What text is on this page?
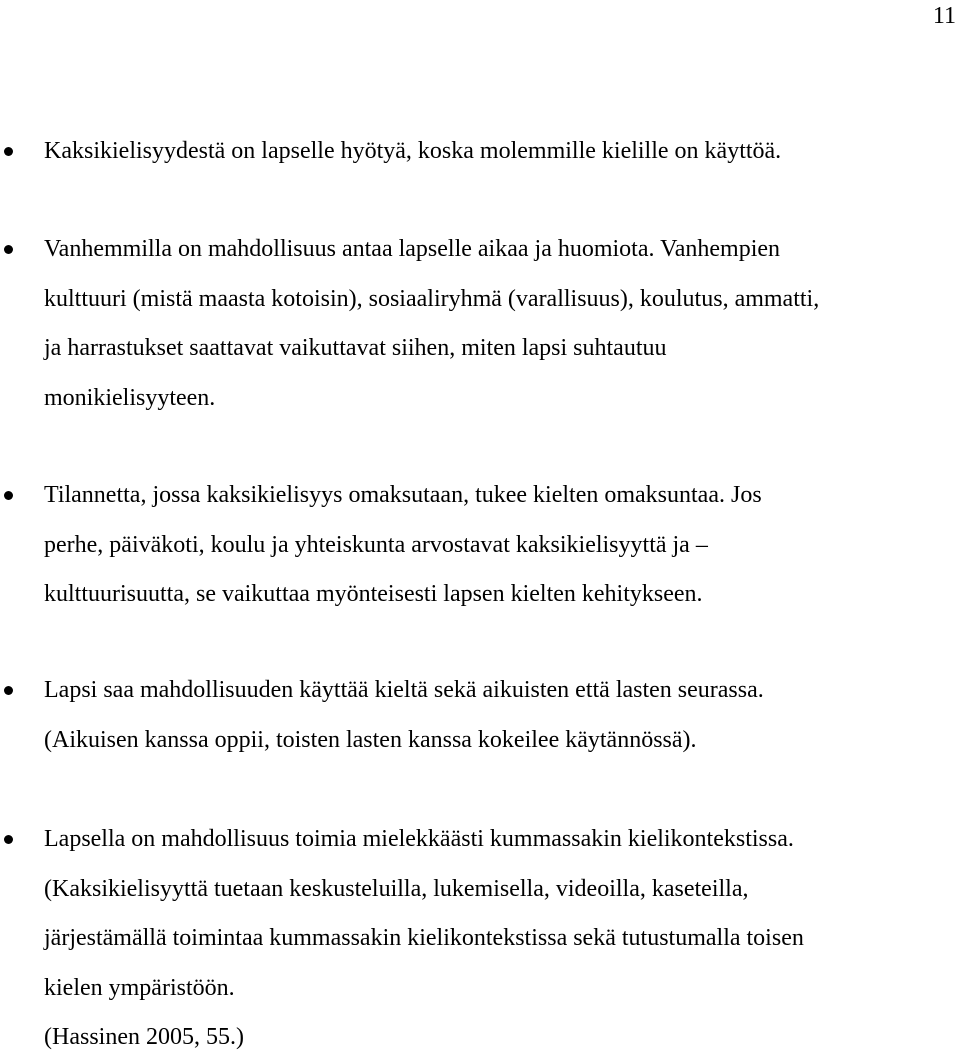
11
Kaksikielisyydestä on lapselle hyötyä, koska molemmille kielille on käyttöä.
Vanhemmilla on mahdollisuus antaa lapselle aikaa ja huomiota. Vanhempien
kulttuuri (mistä maasta kotoisin), sosiaaliryhmä (varallisuus), koulutus, ammatti,
ja harrastukset saattavat vaikuttavat siihen, miten lapsi suhtautuu
monikielisyyteen.
Tilannetta, jossa kaksikielisyys omaksutaan, tukee kielten omaksuntaa. Jos
perhe, päiväkoti, koulu ja yhteiskunta arvostavat kaksikielisyyttä ja –
kulttuurisuutta, se vaikuttaa myönteisesti lapsen kielten kehitykseen.
Lapsi saa mahdollisuuden käyttää kieltä sekä aikuisten että lasten seurassa.
(Aikuisen kanssa oppii, toisten lasten kanssa kokeilee käytännössä).
Lapsella on mahdollisuus toimia mielekkäästi kummassakin kielikontekstissa.
(Kaksikielisyyttä tuetaan keskusteluilla, lukemisella, videoilla, kaseteilla,
järjestämällä toimintaa kummassakin kielikontekstissa sekä tutustumalla toisen
kielen ympäristöön.
(Hassinen 2005, 55.)
